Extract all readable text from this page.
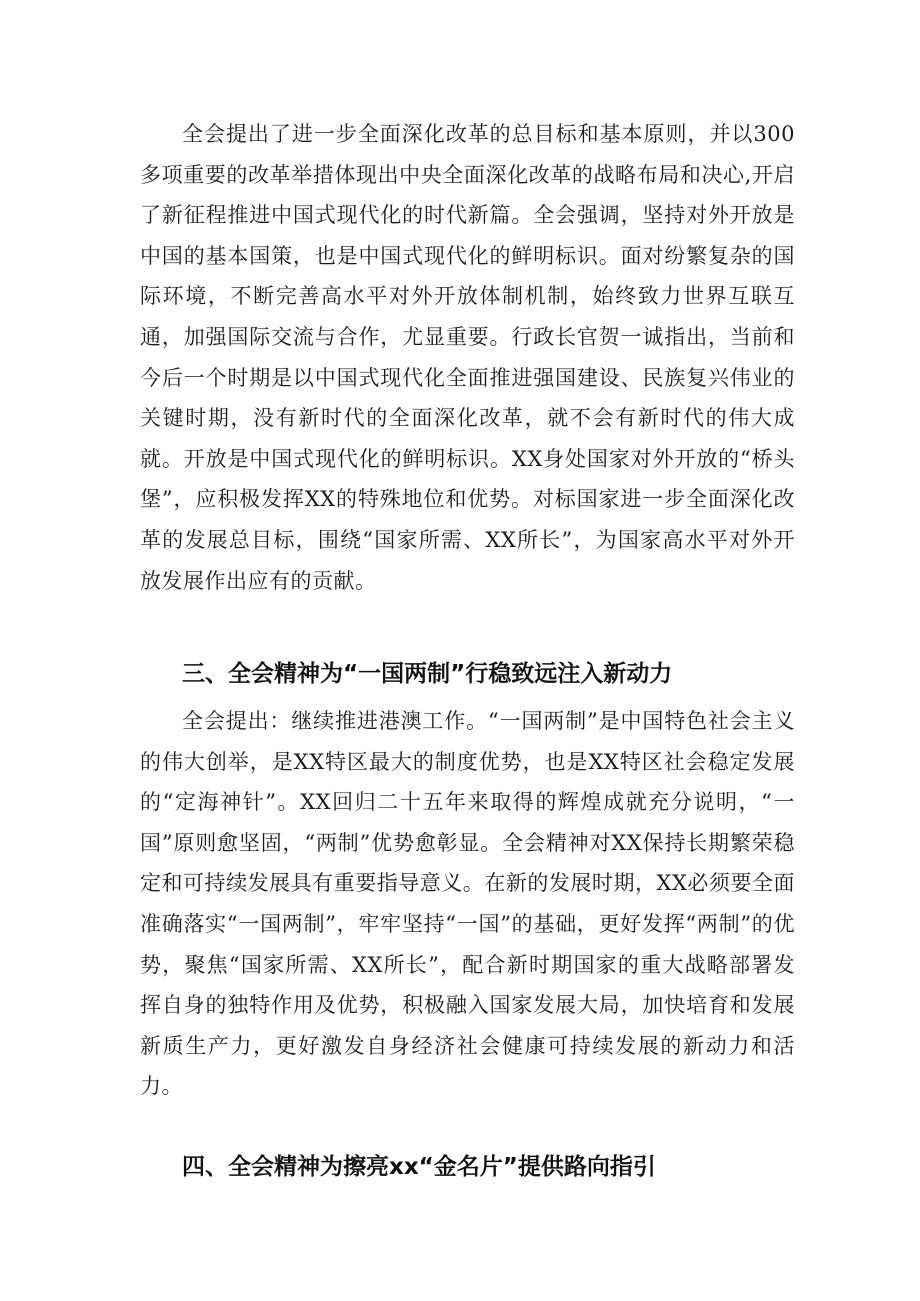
全会提出了进一步全面深化改革的总目标和基本原则，并以300多项重要的改革举措体现出中央全面深化改革的战略布局和决心,开启了新征程推进中国式现代化的时代新篇。全会强调，坚持对外开放是中国的基本国策，也是中国式现代化的鲜明标识。面对纷繁复杂的国际环境，不断完善高水平对外开放体制机制，始终致力世界互联互通，加强国际交流与合作，尤显重要。行政长官贺一诚指出，当前和今后一个时期是以中国式现代化全面推进强国建设、民族复兴伟业的关键时期，没有新时代的全面深化改革，就不会有新时代的伟大成就。开放是中国式现代化的鲜明标识。XX身处国家对外开放的“桥头堡”，应积极发挥XX的特殊地位和优势。对标国家进一步全面深化改革的发展总目标，围绕“国家所需、XX所长”，为国家高水平对外开放发展作出应有的贡献。

三、全会精神为“一国两制”行稳致远注入新动力

全会提出：继续推进港澳工作。“一国两制”是中国特色社会主义的伟大创举，是XX特区最大的制度优势，也是XX特区社会稳定发展的“定海神针”。XX回归二十五年来取得的辉煌成就充分说明，“一国”原则愈坚固，“两制”优势愈彰显。全会精神对XX保持长期繁荣稳定和可持续发展具有重要指导意义。在新的发展时期，XX必须要全面准确落实“一国两制”，牢牢坚持“一国”的基础，更好发挥“两制”的优势，聚焦“国家所需、XX所长”，配合新时期国家的重大战略部署发挥自身的独特作用及优势，积极融入国家发展大局，加快培育和发展新质生产力，更好激发自身经济社会健康可持续发展的新动力和活力。

四、全会精神为擦亮xx“金名片”提供路向指引
